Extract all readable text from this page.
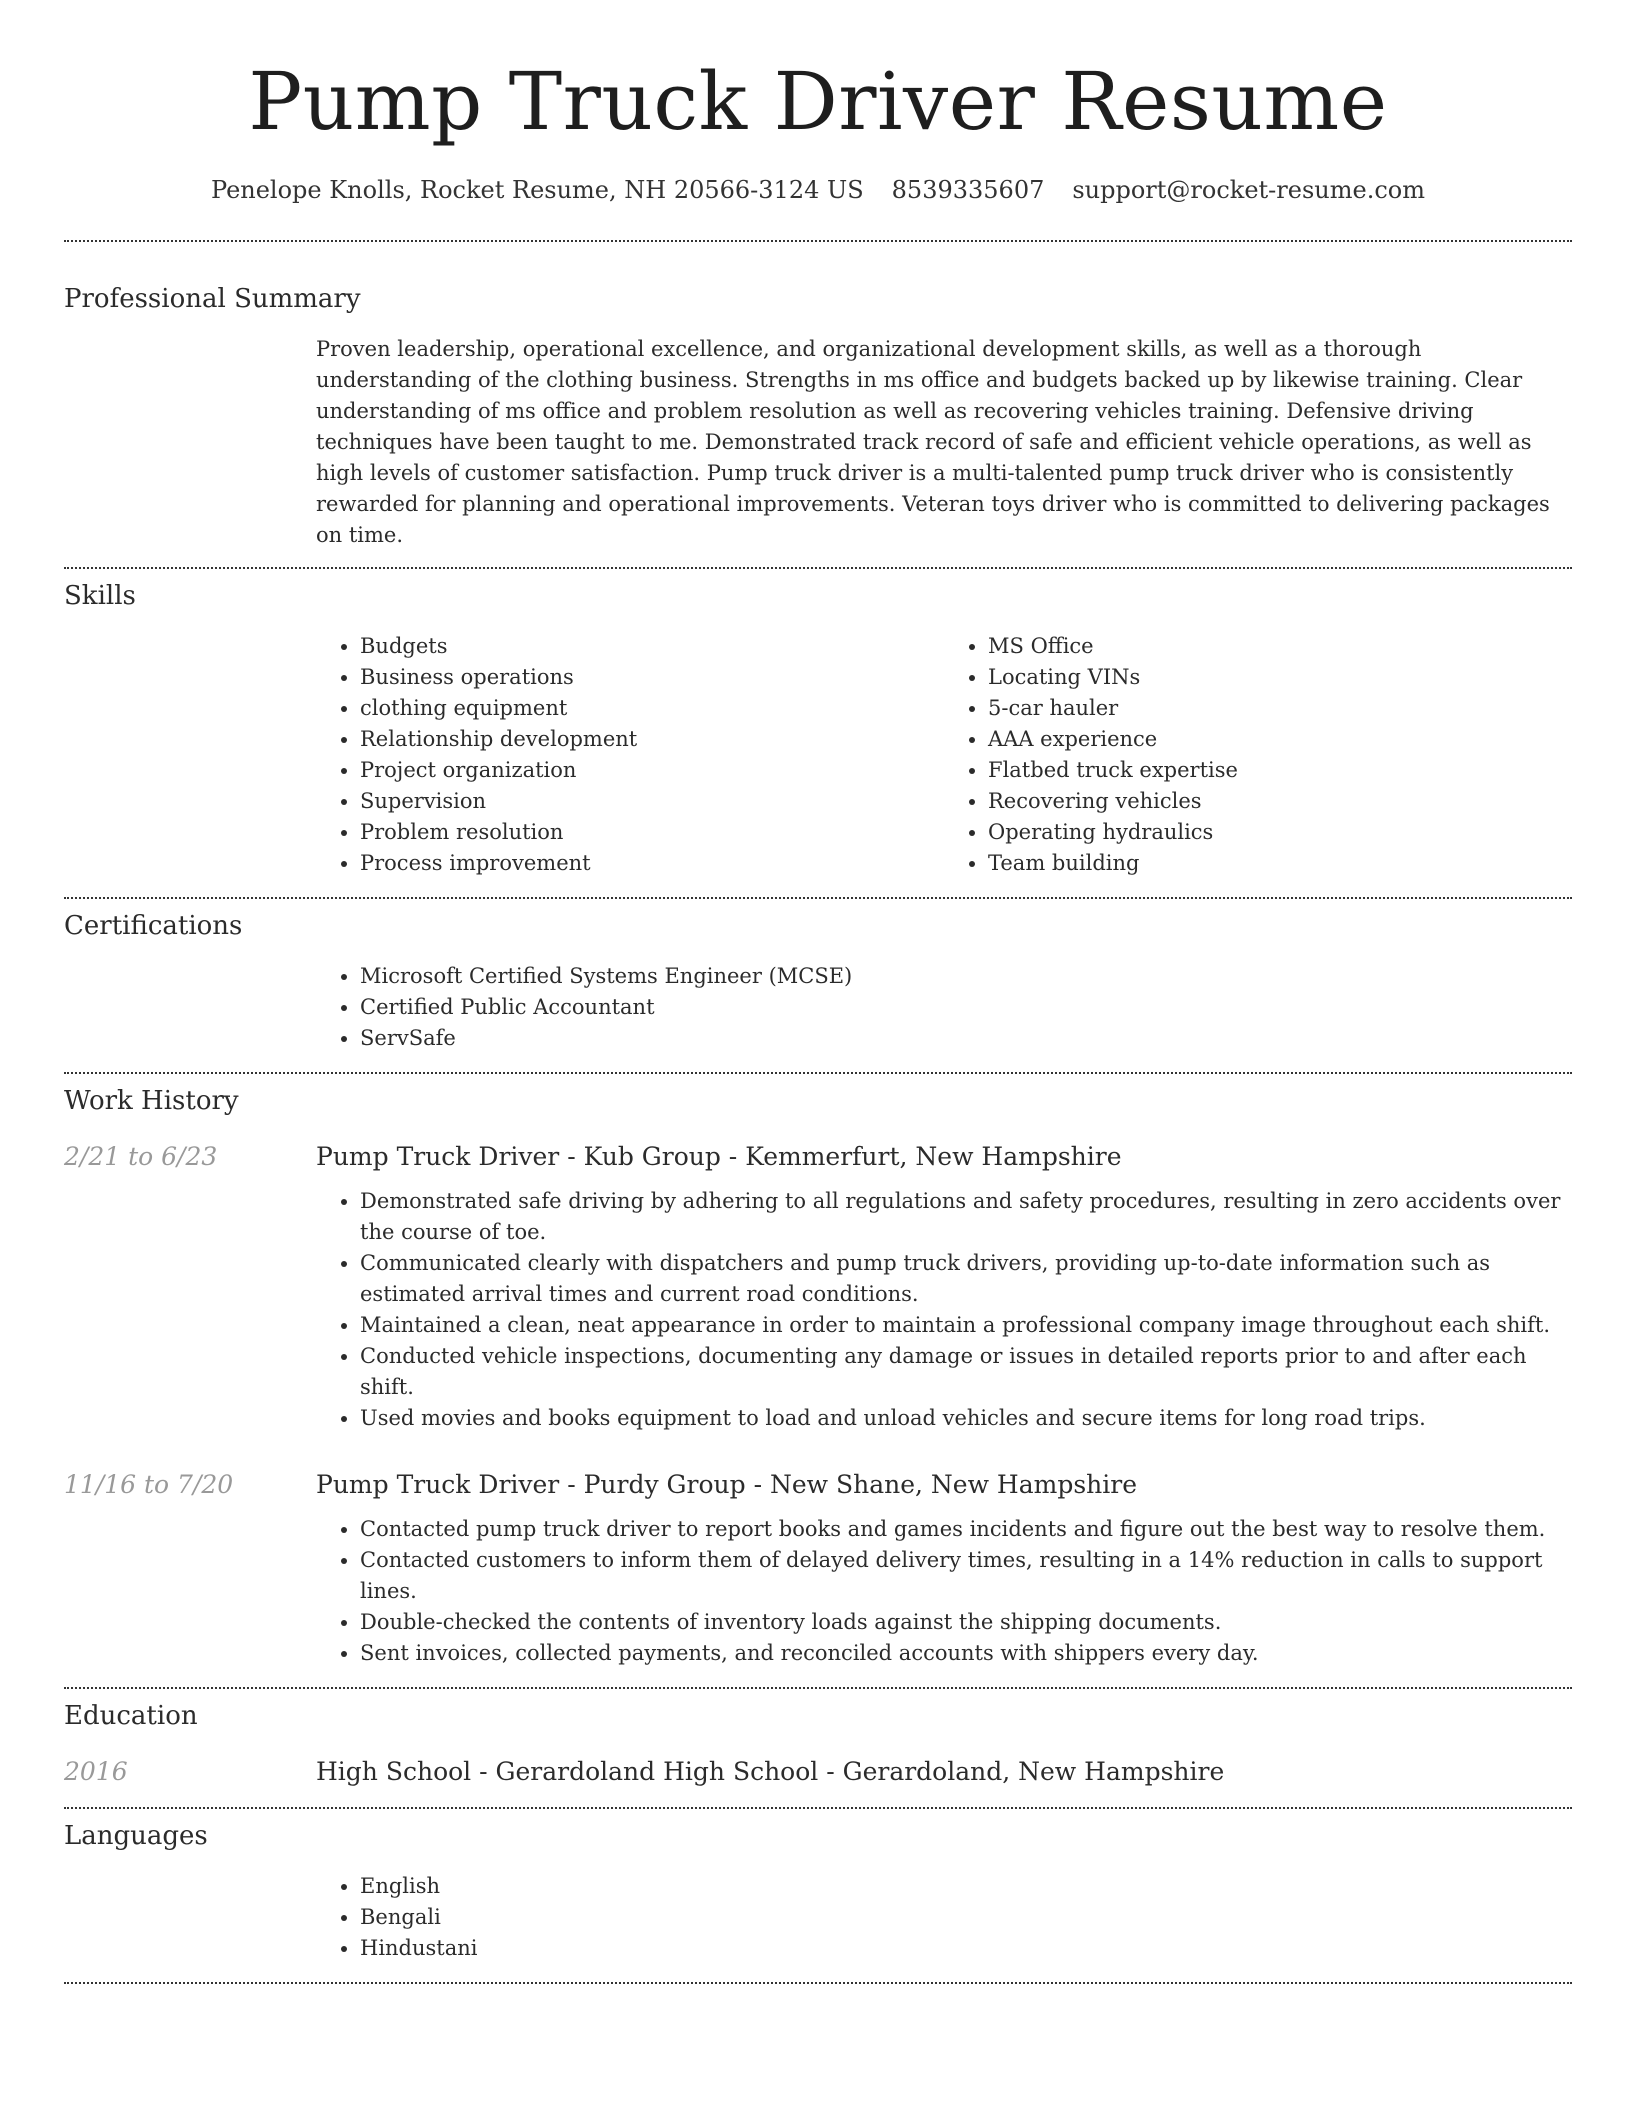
Pump Truck Driver Resume
Penelope Knolls, Rocket Resume, NH 20566-3124 US 8539335607 support@rocket-resume.com
Professional Summary
Proven leadership, operational excellence, and organizational development skills, as well as a thorough understanding of the clothing business. Strengths in ms office and budgets backed up by likewise training. Clear understanding of ms office and problem resolution as well as recovering vehicles training. Defensive driving techniques have been taught to me. Demonstrated track record of safe and efficient vehicle operations, as well as high levels of customer satisfaction. Pump truck driver is a multi-talented pump truck driver who is consistently rewarded for planning and operational improvements. Veteran toys driver who is committed to delivering packages on time.
Skills
• Budgets
• Business operations
• clothing equipment
• Relationship development
• Project organization
• Supervision
• Problem resolution
• Process improvement
• MS Office
• Locating VINs
• 5-car hauler
• AAA experience
• Flatbed truck expertise
• Recovering vehicles
• Operating hydraulics
• Team building
Certifications
• Microsoft Certified Systems Engineer (MCSE)
• Certified Public Accountant
• ServSafe
Work History
2/21 to 6/23	Pump Truck Driver - Kub Group - Kemmerfurt, New Hampshire
• Demonstrated safe driving by adhering to all regulations and safety procedures, resulting in zero accidents over the course of toe.
• Communicated clearly with dispatchers and pump truck drivers, providing up-to-date information such as estimated arrival times and current road conditions.
• Maintained a clean, neat appearance in order to maintain a professional company image throughout each shift.
• Conducted vehicle inspections, documenting any damage or issues in detailed reports prior to and after each shift.
• Used movies and books equipment to load and unload vehicles and secure items for long road trips.
11/16 to 7/20	Pump Truck Driver - Purdy Group - New Shane, New Hampshire
• Contacted pump truck driver to report books and games incidents and figure out the best way to resolve them.
• Contacted customers to inform them of delayed delivery times, resulting in a 14% reduction in calls to support lines.
• Double-checked the contents of inventory loads against the shipping documents.
• Sent invoices, collected payments, and reconciled accounts with shippers every day.
Education
2016	High School - Gerardoland High School - Gerardoland, New Hampshire
Languages
• English
• Bengali
• Hindustani
